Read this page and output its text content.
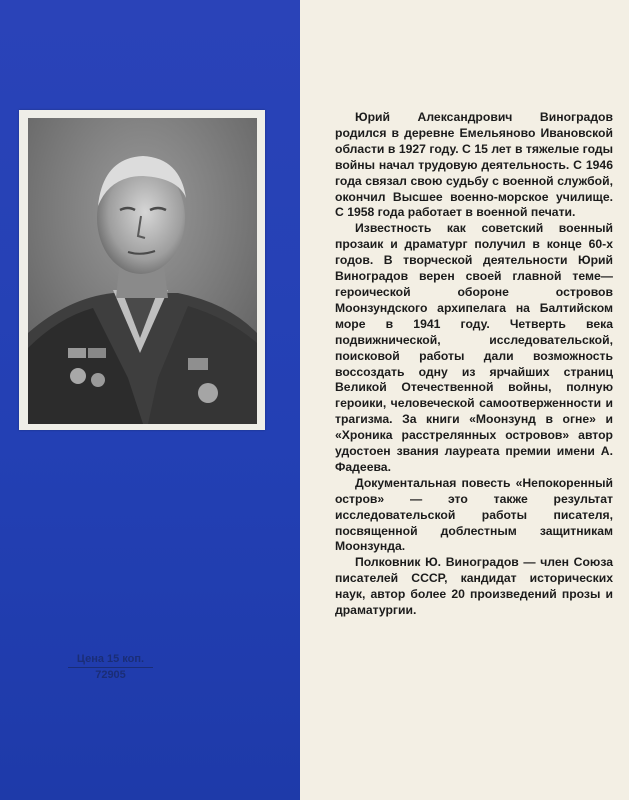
Цена 15 коп.
72905

Юрий Александрович Виноградов родился в деревне Емельяново Ивановской области в 1927 году. С 15 лет в тяжелые годы войны начал трудовую деятельность. С 1946 года связал свою судьбу с военной службой, окончил Высшее военно-морское училище. С 1958 года работает в военной печати.

Известность как советский военный прозаик и драматург получил в конце 60-х годов. В творческой деятельности Юрий Виноградов верен своей главной теме—героической обороне островов Моонзундского архипелага на Балтийском море в 1941 году. Четверть века подвижнической, исследовательской, поисковой работы дали возможность воссоздать одну из ярчайших страниц Великой Отечественной войны, полную героики, человеческой самоотверженности и трагизма. За книги «Моонзунд в огне» и «Хроника расстрелянных островов» автор удостоен звания лауреата премии имени А. Фадеева.

Документальная повесть «Непокоренный остров» — это также результат исследовательской работы писателя, посвященной доблестным защитникам Моонзунда.

Полковник Ю. Виноградов — член Союза писателей СССР, кандидат исторических наук, автор более 20 произведений прозы и драматургии.
